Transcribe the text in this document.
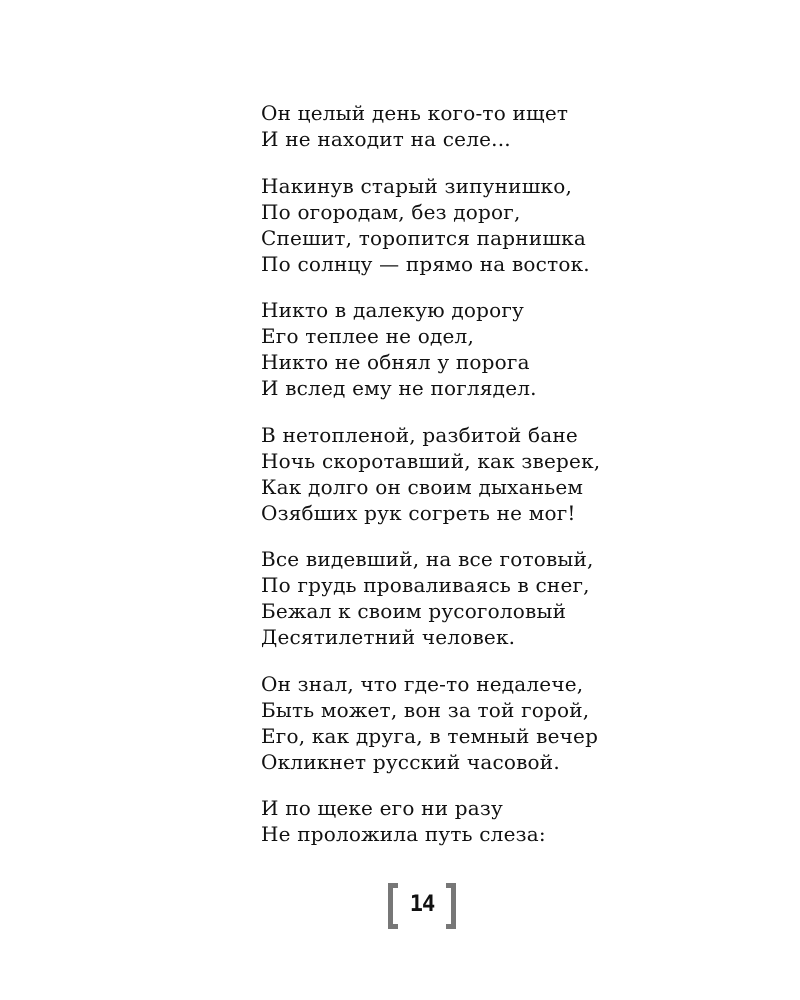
Он целый день кого-то ищет
И не находит на селе...
Накинув старый зипунишко,
По огородам, без дорог,
Спешит, торопится парнишка
По солнцу — прямо на восток.
Никто в далекую дорогу
Его теплее не одел,
Никто не обнял у порога
И вслед ему не поглядел.
В нетопленой, разбитой бане
Ночь скоротавший, как зверек,
Как долго он своим дыханьем
Озябших рук согреть не мог!
Все видевший, на все готовый,
По грудь проваливаясь в снег,
Бежал к своим русоголовый
Десятилетний человек.
Он знал, что где-то недалече,
Быть может, вон за той горой,
Его, как друга, в темный вечер
Окликнет русский часовой.
И по щеке его ни разу
Не проложила путь слеза:
14
